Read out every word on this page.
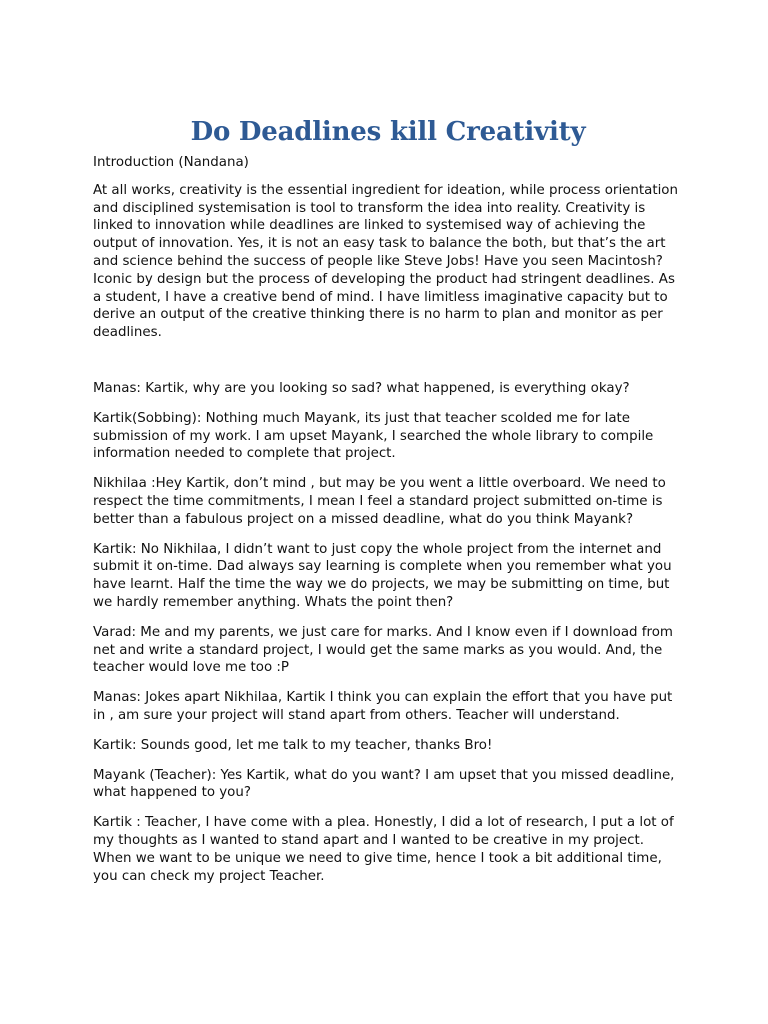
Do Deadlines kill Creativity

Introduction (Nandana)

At all works, creativity is the essential ingredient for ideation, while process orientation and disciplined systemisation is tool to transform the idea into reality. Creativity is linked to innovation while deadlines are linked to systemised way of achieving the output of innovation. Yes, it is not an easy task to balance the both, but that’s the art and science behind the success of people like Steve Jobs! Have you seen Macintosh? Iconic by design but the process of developing the product had stringent deadlines. As a student, I have a creative bend of mind. I have limitless imaginative capacity but to derive an output of the creative thinking there is no harm to plan and monitor as per deadlines.

Manas: Kartik, why are you looking so sad? what happened, is everything okay?

Kartik(Sobbing): Nothing much Mayank, its just that teacher scolded me for late submission of my work. I am upset Mayank, I searched the whole library to compile information needed to complete that project.

Nikhilaa :Hey Kartik, don’t mind , but may be you went a little overboard. We need to respect the time commitments, I mean I feel a standard project submitted on-time is better than a fabulous project on a missed deadline, what do you think Mayank?

Kartik: No Nikhilaa, I didn’t want to just copy the whole project from the internet and submit it on-time. Dad always say learning is complete when you remember what you have learnt. Half the time the way we do projects, we may be submitting on time, but we hardly remember anything. Whats the point then?

Varad: Me and my parents, we just care for marks. And I know even if I download from net and write a standard project, I would get the same marks as you would. And, the teacher would love me too :P

Manas: Jokes apart Nikhilaa, Kartik I think you can explain the effort that you have put in , am sure your project will stand apart from others. Teacher will understand.

Kartik: Sounds good, let me talk to my teacher, thanks Bro!

Mayank (Teacher): Yes Kartik, what do you want? I am upset that you missed deadline, what happened to you?

Kartik : Teacher, I have come with a plea. Honestly, I did a lot of research, I put a lot of my thoughts as I wanted to stand apart and I wanted to be creative in my project. When we want to be unique we need to give time, hence I took a bit additional time, you can check my project Teacher.
